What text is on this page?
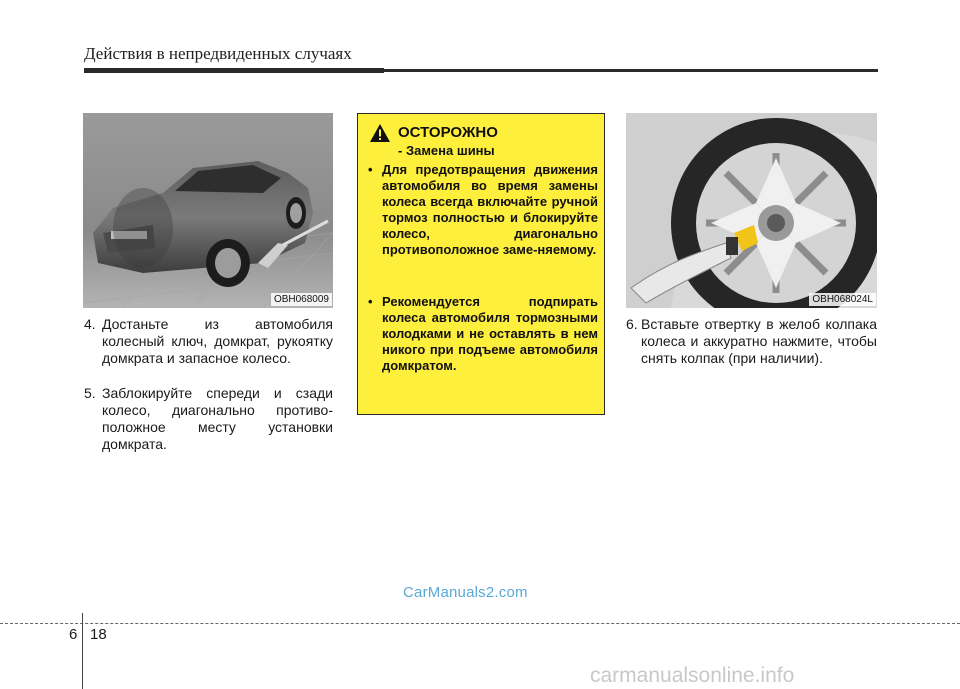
Действия в непредвиденных случаях
OBH068009	OBH068024L
4. Достаньте из автомобиля колесный ключ, домкрат, рукоятку домкрата и запасное колесо.
5. Заблокируйте спереди и сзади колесо, диагонально противо-положное месту установки домкрата.
6. Вставьте отвертку в желоб колпака колеса и аккуратно нажмите, чтобы снять колпак (при наличии).
ОСТОРОЖНО
- Замена шины
• Для предотвращения движения автомобиля во время замены колеса всегда включайте ручной тормоз полностью и блокируйте колесо, диагонально противоположное заме-няемому.
• Рекомендуется подпирать колеса автомобиля тормозными колодками и не оставлять в нем никого при подъеме автомобиля домкратом.
CarManuals2.com
6 18
carmanualsonline.info
